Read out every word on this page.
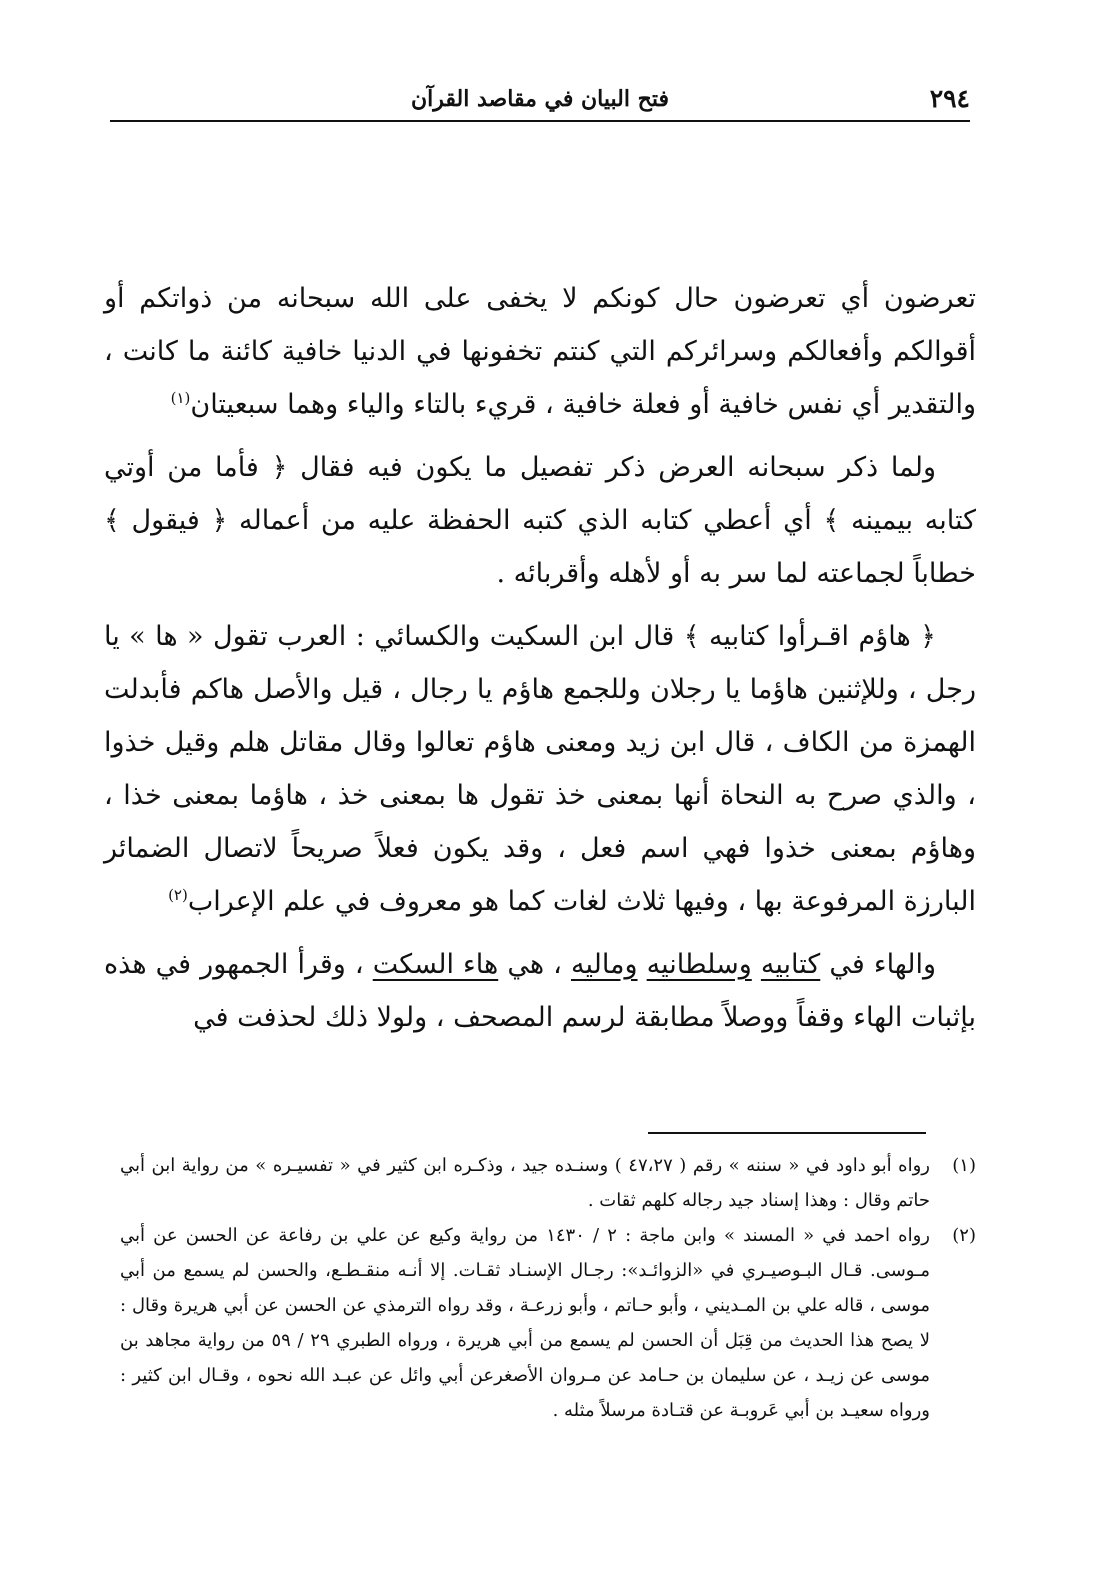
٢٩٤
فتح البيان في مقاصد القرآن

تعرضون أي تعرضون حال كونكم لا يخفى على الله سبحانه من ذواتكم أو أقوالكم وأفعالكم وسرائركم التي كنتم تخفونها في الدنيا خافية كائنة ما كانت ، والتقدير أي نفس خافية أو فعلة خافية ، قريء بالتاء والياء وهما سبعيتان$^{(١)}$

ولما ذكر سبحانه العرض ذكر تفصيل ما يكون فيه فقال ﴿ فأما من أوتي كتابه بيمينه ﴾ أي أعطي كتابه الذي كتبه الحفظة عليه من أعماله ﴿ فيقول ﴾ خطاباً لجماعته لما سر به أو لأهله وأقربائه .

﴿ هاؤم اقـرأوا كتابيه ﴾ قال ابن السكيت والكسائي : العرب تقول « ها » يا رجل ، وللإثنين هاؤما يا رجلان وللجمع هاؤم يا رجال ، قيل والأصل هاكم فأبدلت الهمزة من الكاف ، قال ابن زيد ومعنى هاؤم تعالوا وقال مقاتل هلم وقيل خذوا ، والذي صرح به النحاة أنها بمعنى خذ تقول ها بمعنى خذ ، هاؤما بمعنى خذا ، وهاؤم بمعنى خذوا فهي اسم فعل ، وقد يكون فعلاً صريحاً لاتصال الضمائر البارزة المرفوعة بها ، وفيها ثلاث لغات كما هو معروف في علم الإعراب$^{(٢)}$

والهاء في كتابيه وسلطانيه وماليه ، هي هاء السكت ، وقرأ الجمهور في هذه بإثبات الهاء وقفاً ووصلاً مطابقة لرسم المصحف ، ولولا ذلك لحذفت في

(١)
رواه أبو داود في « سننه » رقم ( ٤٧،٢٧ ) وسنـده جيد ، وذكـره ابن كثير في « تفسيـره » من رواية ابن أبي حاتم وقال : وهذا إسناد جيد رجاله كلهم ثقات .
(٢)
رواه احمد في « المسند » وابن ماجة : ٢ / ١٤٣٠ من رواية وكيع عن علي بن رفاعة عن الحسن عن أبي مـوسى. قـال البـوصيـري في «الزوائـد»: رجـال الإسنـاد ثقـات. إلا أنـه منقـطـع، والحسن لم يسمع من أبي موسى ، قاله علي بن المـديني ، وأبو حـاتم ، وأبو زرعـة ، وقد رواه الترمذي عن الحسن عن أبي هريرة وقال : لا يصح هذا الحديث من قِبَل أن الحسن لم يسمع من أبي هريرة ، ورواه الطبري ٢٩ / ٥٩ من رواية مجاهد بن موسى عن زيـد ، عن سليمان بن حـامد عن مـروان الأصغرعن أبي وائل عن عبـد الله نحوه ، وقـال ابن كثير : ورواه سعيـد بن أبي عَروبـة عن قتـادة مرسلاً مثله .
